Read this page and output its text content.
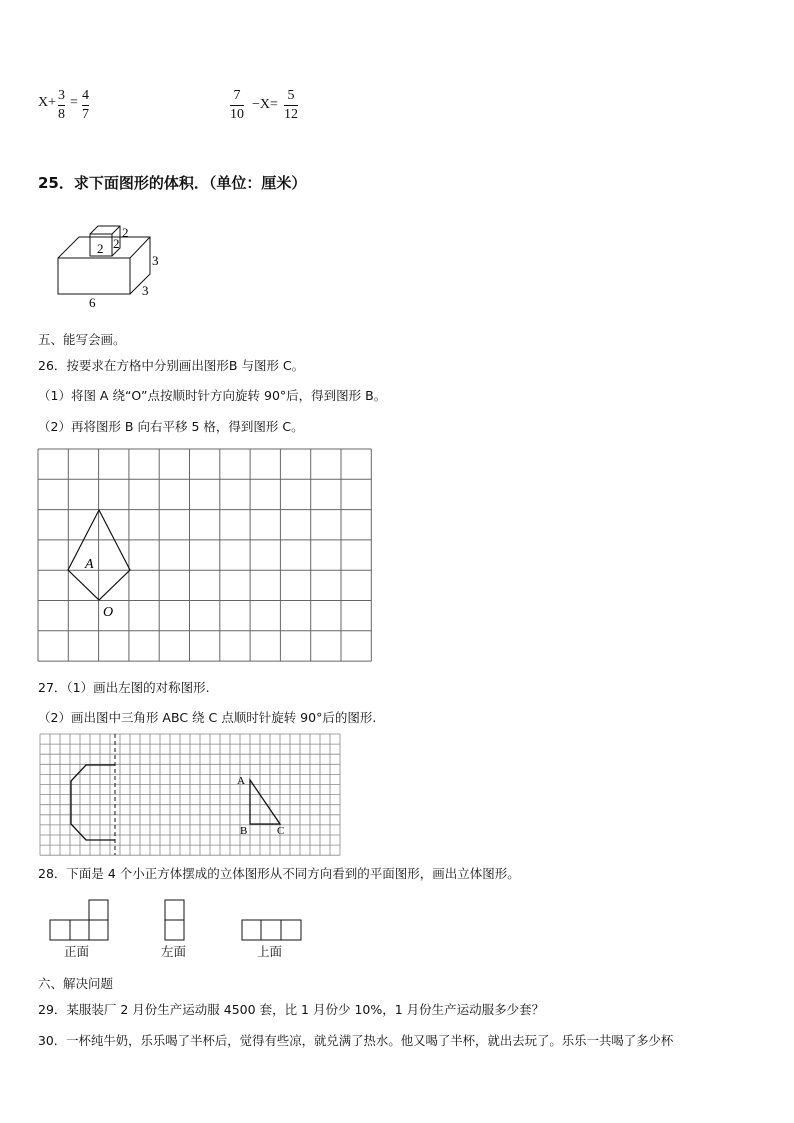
X+ 3
8
= 4
7
7
10
−X=
5
12
25．求下面图形的体积．（单位：厘米）
2
2
2
3
3
6
五、能写会画。
26．按要求在方格中分别画出图形B 与图形 C。
（1）将图 A 绕“O”点按顺时针方向旋转 90°后，得到图形 B。
（2）再将图形 B 向右平移 5 格，得到图形 C。
A
O
27．（1）画出左图的对称图形.
（2）画出图中三角形 ABC 绕 C 点顺时针旋转 90°后的图形.
A
B	C
28．下面是 4 个小正方体摆成的立体图形从不同方向看到的平面图形，画出立体图形。
正面	左面	上面
六、解决问题
29．某服装厂 2 月份生产运动服 4500 套，比 1 月份少 10%，1 月份生产运动服多少套？
30．一杯纯牛奶，乐乐喝了半杯后，觉得有些凉，就兑满了热水。他又喝了半杯，就出去玩了。乐乐一共喝了多少杯
